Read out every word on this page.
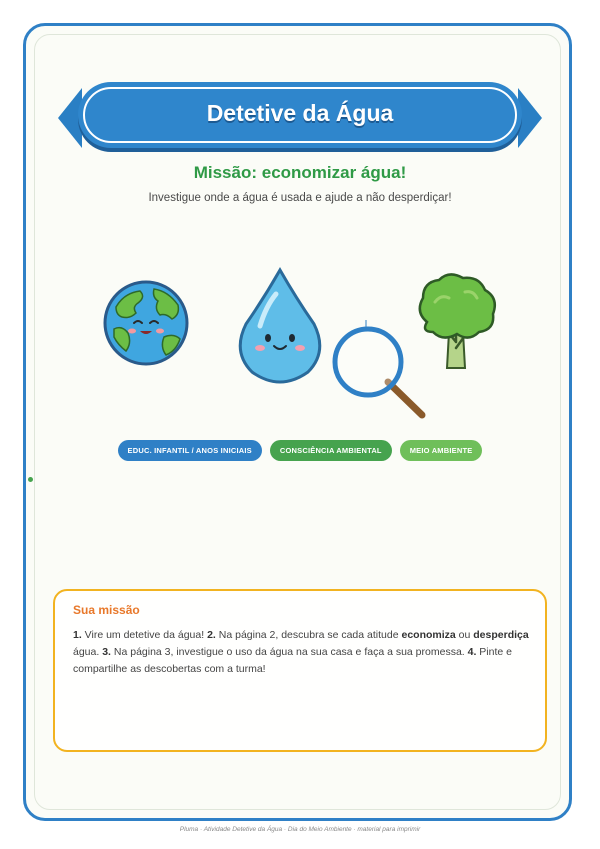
Detetive da Água
Missão: economizar água!
Investigue onde a água é usada e ajude a não desperdiçar!
EDUC. INFANTIL / ANOS INICIAIS	CONSCIÊNCIA AMBIENTAL	MEIO AMBIENTE
Sua missão
1. Vire um detetive da água! 2. Na página 2, descubra se cada atitude economiza ou desperdiça água. 3. Na página 3, investigue o uso da água na sua casa e faça a sua promessa. 4. Pinte e compartilhe as descobertas com a turma!
Pluma · Atividade Detetive da Água · Dia do Meio Ambiente · material para imprimir
